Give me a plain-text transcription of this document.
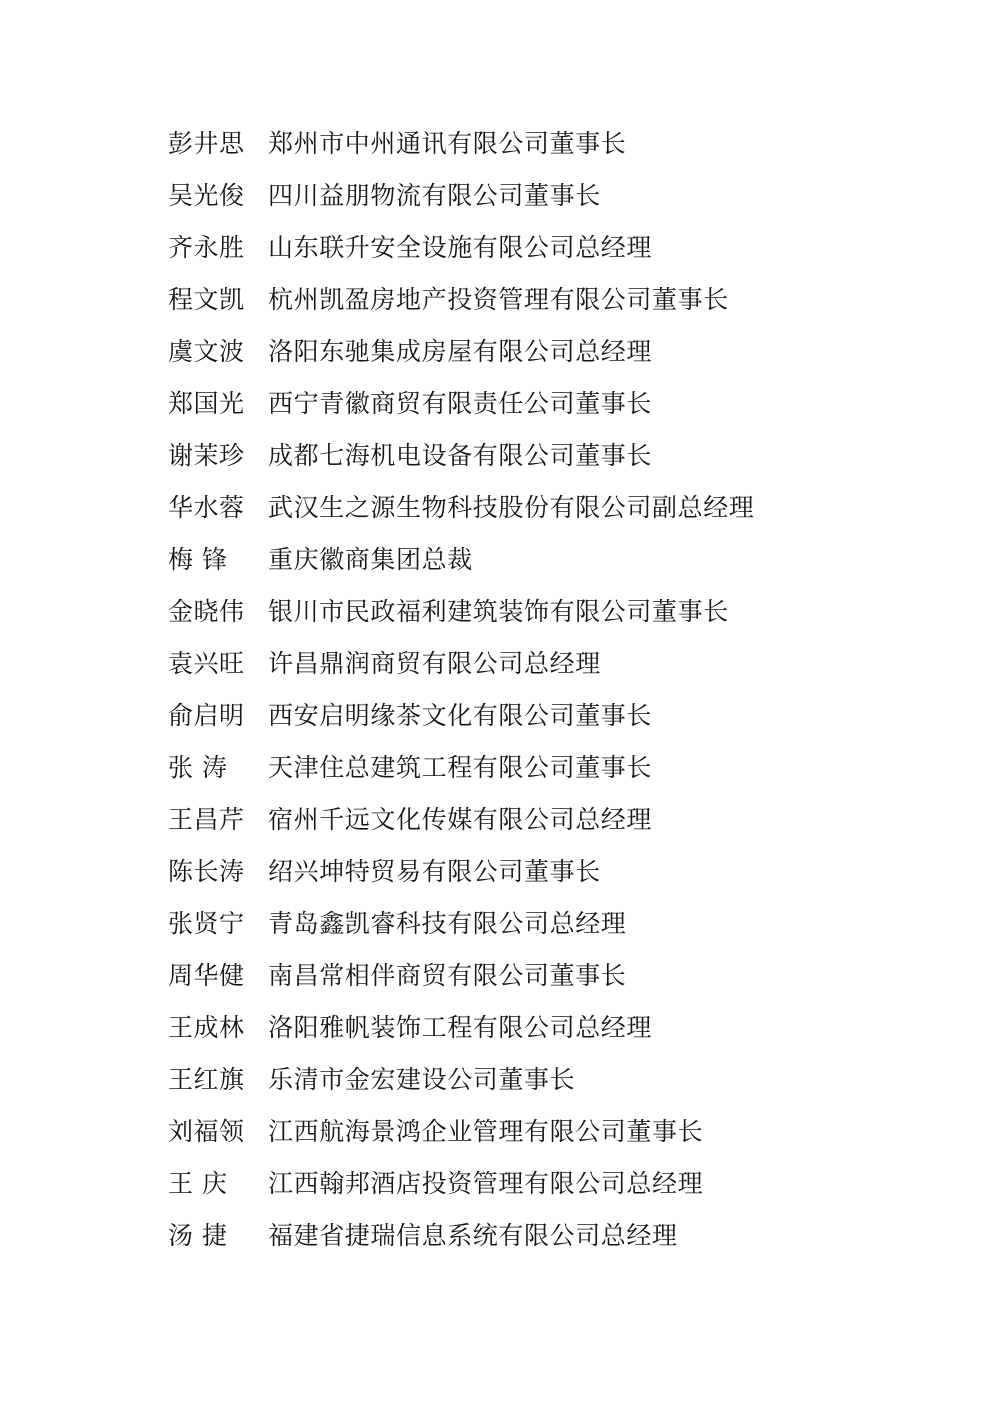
彭井思 郑州市中州通讯有限公司董事长
吴光俊 四川益朋物流有限公司董事长
齐永胜 山东联升安全设施有限公司总经理
程文凯 杭州凯盈房地产投资管理有限公司董事长
虞文波 洛阳东驰集成房屋有限公司总经理
郑国光 西宁青徽商贸有限责任公司董事长
谢茉珍 成都七海机电设备有限公司董事长
华水蓉 武汉生之源生物科技股份有限公司副总经理
梅 锋	重庆徽商集团总裁
金晓伟 银川市民政福利建筑装饰有限公司董事长
袁兴旺 许昌鼎润商贸有限公司总经理
俞启明 西安启明缘茶文化有限公司董事长
张 涛	天津住总建筑工程有限公司董事长
王昌芹 宿州千远文化传媒有限公司总经理
陈长涛 绍兴坤特贸易有限公司董事长
张贤宁 青岛鑫凯睿科技有限公司总经理
周华健 南昌常相伴商贸有限公司董事长
王成林 洛阳雅帆装饰工程有限公司总经理
王红旗 乐清市金宏建设公司董事长
刘福领 江西航海景鸿企业管理有限公司董事长
王 庆	江西翰邦酒店投资管理有限公司总经理
汤 捷	福建省捷瑞信息系统有限公司总经理
